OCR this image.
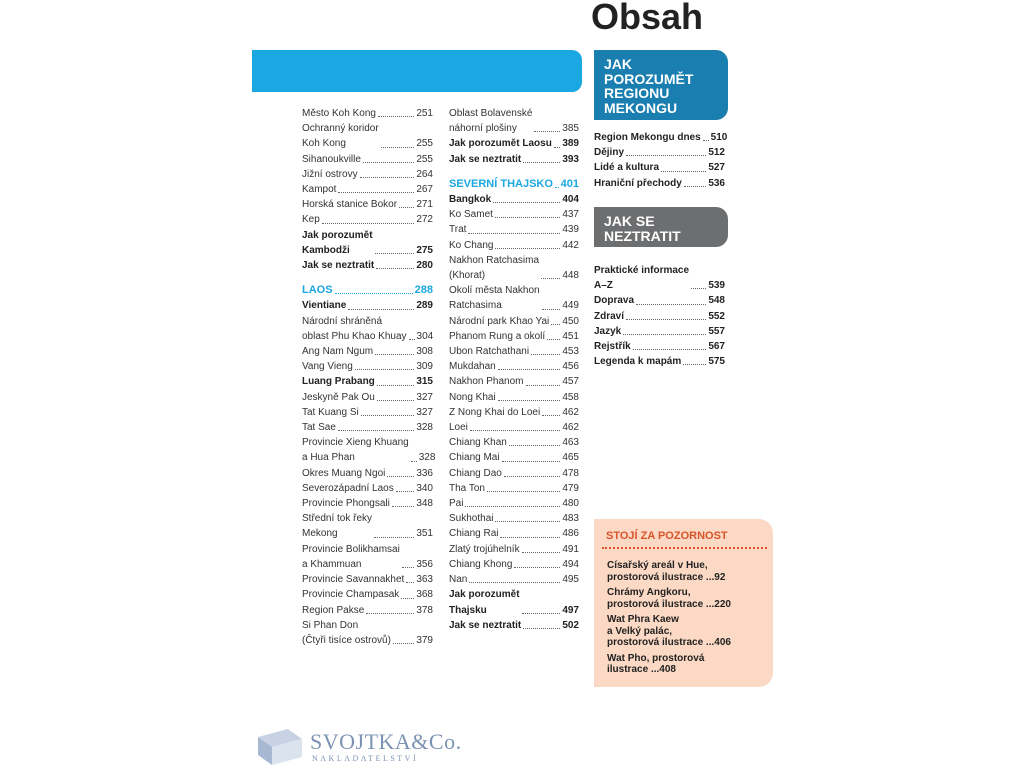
Obsah
Město Koh Kong	251
Ochranný koridor
Koh Kong	255
Sihanoukville	255
Jižní ostrovy	264
Kampot	267
Horská stanice Bokor 271
Kep	272
Jak porozumět
Kambodži	275
Jak se neztratit	280
LAOS	288
Vientiane	289
Národní shráněná
oblast Phu Khao Khuay 304
Ang Nam Ngum	308
Vang Vieng	309
Luang Prabang	315
Jeskyně Pak Ou	327
Tat Kuang Si	327
Tat Sae	328
Provincie Xieng Khuang
a Hua Phan	328
Okres Muang Ngoi	336
Severozápadní Laos 340
Provincie Phongsali	348
Střední tok řeky
Mekong	351
Provincie Bolikhamsai
a Khammuan	356
Provincie Savannakhet 363
Provincie Champasak 368
Region Pakse	378
Si Phan Don
(Čtyři tisíce ostrovů)	379
Oblast Bolavenské
náhorní plošiny	385
Jak porozumět Laosu 389
Jak se neztratit	393
SEVERNÍ THAJSKO 401
Bangkok	404
Ko Samet	437
Trat	439
Ko Chang	442
Nakhon Ratchasima
(Khorat)	448
Okolí města Nakhon
Ratchasima	449
Národní park Khao Yai 450
Phanom Rung a okolí 451
Ubon Ratchathani	453
Mukdahan	456
Nakhon Phanom	457
Nong Khai	458
Z Nong Khai do Loei 462
Loei	462
Chiang Khan	463
Chiang Mai	465
Chiang Dao	478
Tha Ton	479
Pai	480
Sukhothai	483
Chiang Rai	486
Zlatý trojúhelník	491
Chiang Khong	494
Nan	495
Jak porozumět
Thajsku	497
Jak se neztratit	502
JAK
POROZUMĚT
REGIONU
MEKONGU
Region Mekongu dnes 510
Dějiny	512
Lidé a kultura	527
Hraniční přechody	536
JAK SE
NEZTRATIT
Praktické informace
A–Z	539
Doprava	548
Zdraví	552
Jazyk	557
Rejstřík	567
Legenda k mapám	575
STOJÍ ZA POZORNOST
Císařský areál v Hue,
prostorová ilustrace ...92
Chrámy Angkoru,
prostorová ilustrace ...220
Wat Phra Kaew
a Velký palác,
prostorová ilustrace ...406
Wat Pho, prostorová
ilustrace ...408
SVOJTKA&Co.
NAKLADATELSTVÍ
